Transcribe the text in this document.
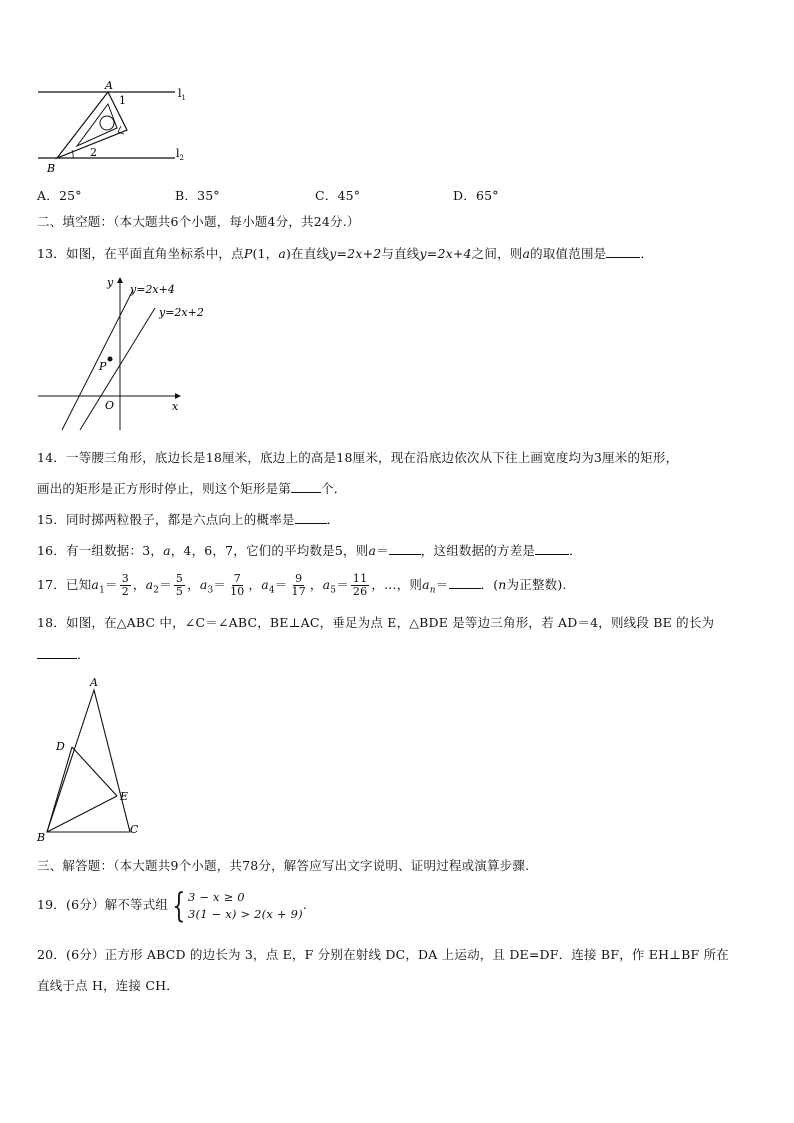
A
1
B
2
$l_1$
$l_2$
A．25°	B．35°	C．45°	D．65°
二、填空题：（本大题共6个小题，每小题4分，共24分.）
13．如图，在平面直角坐标系中，点P(1，a)在直线y=2x+2与直线y=2x+4之间，则a的取值范围是	．
y
x
O
P
y=2x+4
y=2x+2
14．一等腰三角形，底边长是18厘米，底边上的高是18厘米，现在沿底边依次从下往上画宽度均为3厘米的矩形，
画出的矩形是正方形时停止，则这个矩形是第 个．
15．同时掷两粒骰子，都是六点向上的概率是	．
16．有一组数据：3，a，4，6，7，它们的平均数是5，则a＝	，这组数据的方差是	．
17．已知$a_1= \frac{3}{2}$ ，$a_2= \frac{5}{5}$ ，$a_3= \frac{7}{10}$ ，$a_4= \frac{9}{17}$ ，$a_5= \frac{11}{26}$ ，…，则$a_n=$	．(n为正整数).
18．如图，在△ABC 中，∠C＝∠ABC，BE⊥AC，垂足为点 E，△BDE 是等边三角形，若 AD＝4，则线段 BE 的长为
．
A
D
E
B
C
三、解答题：（本大题共9个小题，共78分，解答应写出文字说明、证明过程或演算步骤.
19．(6分）解不等式组 { 3 − x ≥ 0
3(1 − x) > 2(x + 9)
.
20．(6分）正方形 ABCD 的边长为 3，点 E，F 分别在射线 DC，DA 上运动，且 DE=DF．连接 BF，作 EH⊥BF 所在
直线于点 H，连接 CH．
